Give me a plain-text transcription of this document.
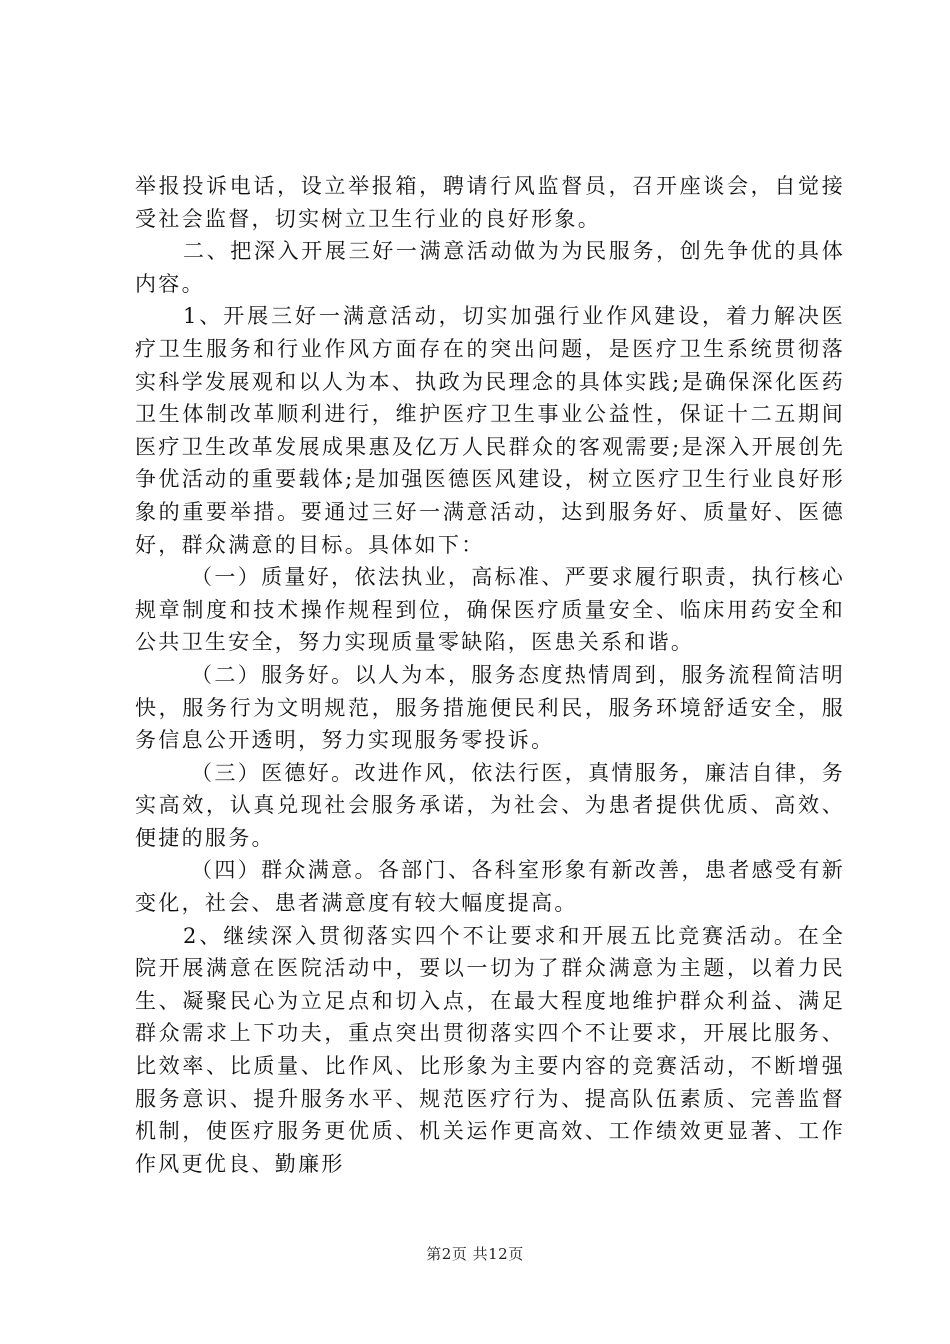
举报投诉电话，设立举报箱，聘请行风监督员，召开座谈会，自觉接受社会监督，切实树立卫生行业的良好形象。

二、把深入开展三好一满意活动做为为民服务，创先争优的具体内容。

1、开展三好一满意活动，切实加强行业作风建设，着力解决医疗卫生服务和行业作风方面存在的突出问题，是医疗卫生系统贯彻落实科学发展观和以人为本、执政为民理念的具体实践;是确保深化医药卫生体制改革顺利进行，维护医疗卫生事业公益性，保证十二五期间医疗卫生改革发展成果惠及亿万人民群众的客观需要;是深入开展创先争优活动的重要载体;是加强医德医风建设，树立医疗卫生行业良好形象的重要举措。要通过三好一满意活动，达到服务好、质量好、医德好，群众满意的目标。具体如下：

（一）质量好，依法执业，高标准、严要求履行职责，执行核心规章制度和技术操作规程到位，确保医疗质量安全、临床用药安全和公共卫生安全，努力实现质量零缺陷，医患关系和谐。

（二）服务好。以人为本，服务态度热情周到，服务流程简洁明快，服务行为文明规范，服务措施便民利民，服务环境舒适安全，服务信息公开透明，努力实现服务零投诉。

（三）医德好。改进作风，依法行医，真情服务，廉洁自律，务实高效，认真兑现社会服务承诺，为社会、为患者提供优质、高效、便捷的服务。

（四）群众满意。各部门、各科室形象有新改善，患者感受有新变化，社会、患者满意度有较大幅度提高。

2、继续深入贯彻落实四个不让要求和开展五比竞赛活动。在全院开展满意在医院活动中，要以一切为了群众满意为主题，以着力民生、凝聚民心为立足点和切入点，在最大程度地维护群众利益、满足群众需求上下功夫，重点突出贯彻落实四个不让要求，开展比服务、比效率、比质量、比作风、比形象为主要内容的竞赛活动，不断增强服务意识、提升服务水平、规范医疗行为、提高队伍素质、完善监督机制，使医疗服务更优质、机关运作更高效、工作绩效更显著、工作作风更优良、勤廉形

第2页 共12页
